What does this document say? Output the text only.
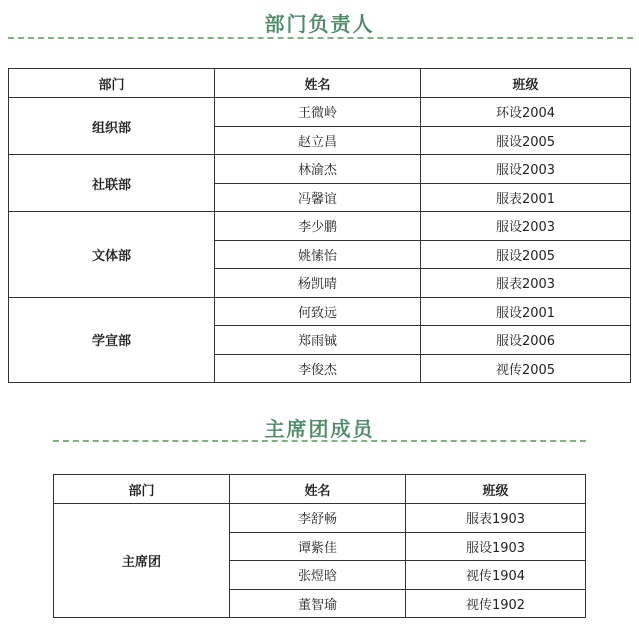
部门负责人
部门	姓名	班级
组织部	王微岭	环设2004
	赵立昌	服设2005
社联部	林渝杰	服设2003
	冯馨谊	服表2001
文体部	李少鹏	服设2003
	姚愫怡	服设2005
	杨凯晴	服表2003
学宣部	何致远	服设2001
	郑雨铖	服设2006
	李俊杰	视传2005
主席团成员
部门	姓名	班级
主席团	李舒畅	服表1903
	谭紫佳	服设1903
	张煜晗	视传1904
	董智瑜	视传1902
